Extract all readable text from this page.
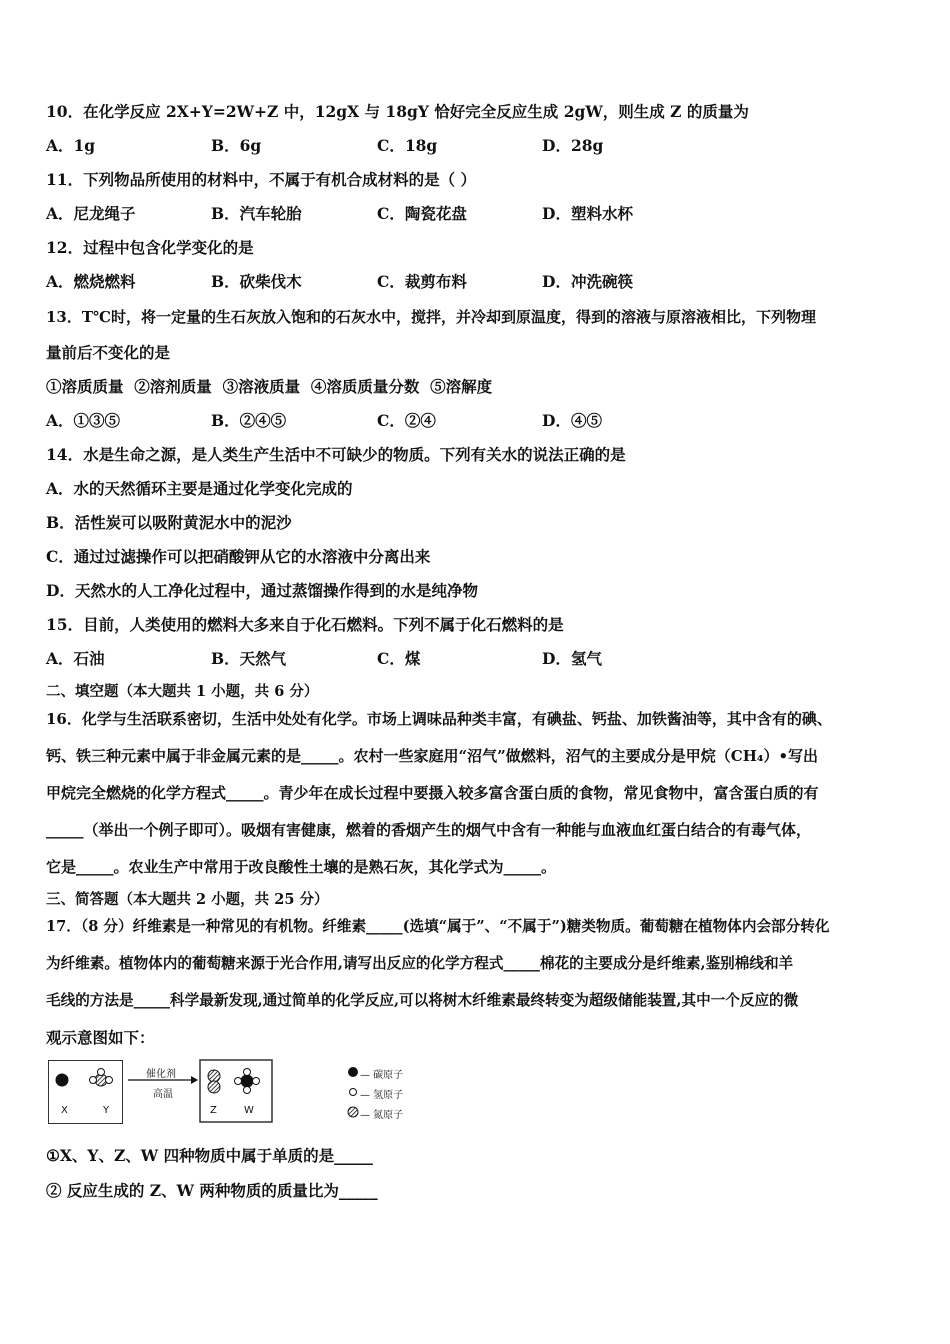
10．在化学反应 2X+Y=2W+Z 中，12gX 与 18gY 恰好完全反应生成 2gW，则生成 Z 的质量为
A．1g	B．6g	C．18g	D．28g
11．下列物品所使用的材料中，不属于有机合成材料的是（ ）
A．尼龙绳子	B．汽车轮胎	C．陶瓷花盘	D．塑料水杯
12．过程中包含化学变化的是
A．燃烧燃料	B．砍柴伐木	C．裁剪布料	D．冲洗碗筷
13．T℃时，将一定量的生石灰放入饱和的石灰水中，搅拌，并冷却到原温度，得到的溶液与原溶液相比，下列物理
量前后不变化的是
①溶质质量  ②溶剂质量  ③溶液质量  ④溶质质量分数  ⑤溶解度
A．①③⑤	B．②④⑤	C．②④	D．④⑤
14．水是生命之源，是人类生产生活中不可缺少的物质。下列有关水的说法正确的是
A．水的天然循环主要是通过化学变化完成的
B．活性炭可以吸附黄泥水中的泥沙
C．通过过滤操作可以把硝酸钾从它的水溶液中分离出来
D．天然水的人工净化过程中，通过蒸馏操作得到的水是纯净物
15．目前，人类使用的燃料大多来自于化石燃料。下列不属于化石燃料的是
A．石油	B．天然气	C．煤	D．氢气
二、填空题（本大题共 1 小题，共 6 分）
16．化学与生活联系密切，生活中处处有化学。市场上调味品种类丰富，有碘盐、钙盐、加铁酱油等，其中含有的碘、
钙、铁三种元素中属于非金属元素的是_____。农村一些家庭用“沼气”做燃料，沼气的主要成分是甲烷（CH₄）•写出
甲烷完全燃烧的化学方程式_____。青少年在成长过程中要摄入较多富含蛋白质的食物，常见食物中，富含蛋白质的有
_____（举出一个例子即可）。吸烟有害健康，燃着的香烟产生的烟气中含有一种能与血液血红蛋白结合的有毒气体，
它是_____。农业生产中常用于改良酸性土壤的是熟石灰，其化学式为_____。
三、简答题（本大题共 2 小题，共 25 分）
17．（8 分）纤维素是一种常见的有机物。纤维素_____(选填“属于”、“不属于”)糖类物质。葡萄糖在植物体内会部分转化
为纤维素。植物体内的葡萄糖来源于光合作用,请写出反应的化学方程式_____棉花的主要成分是纤维素,鉴别棉线和羊
毛线的方法是_____科学最新发现,通过简单的化学反应,可以将树木纤维素最终转变为超级储能装置,其中一个反应的微
观示意图如下：
催化剂
高温
X	Y	Z	W
— 碳原子
— 氢原子
— 氮原子
①X、Y、Z、W 四种物质中属于单质的是_____
② 反应生成的 Z、W 两种物质的质量比为_____
